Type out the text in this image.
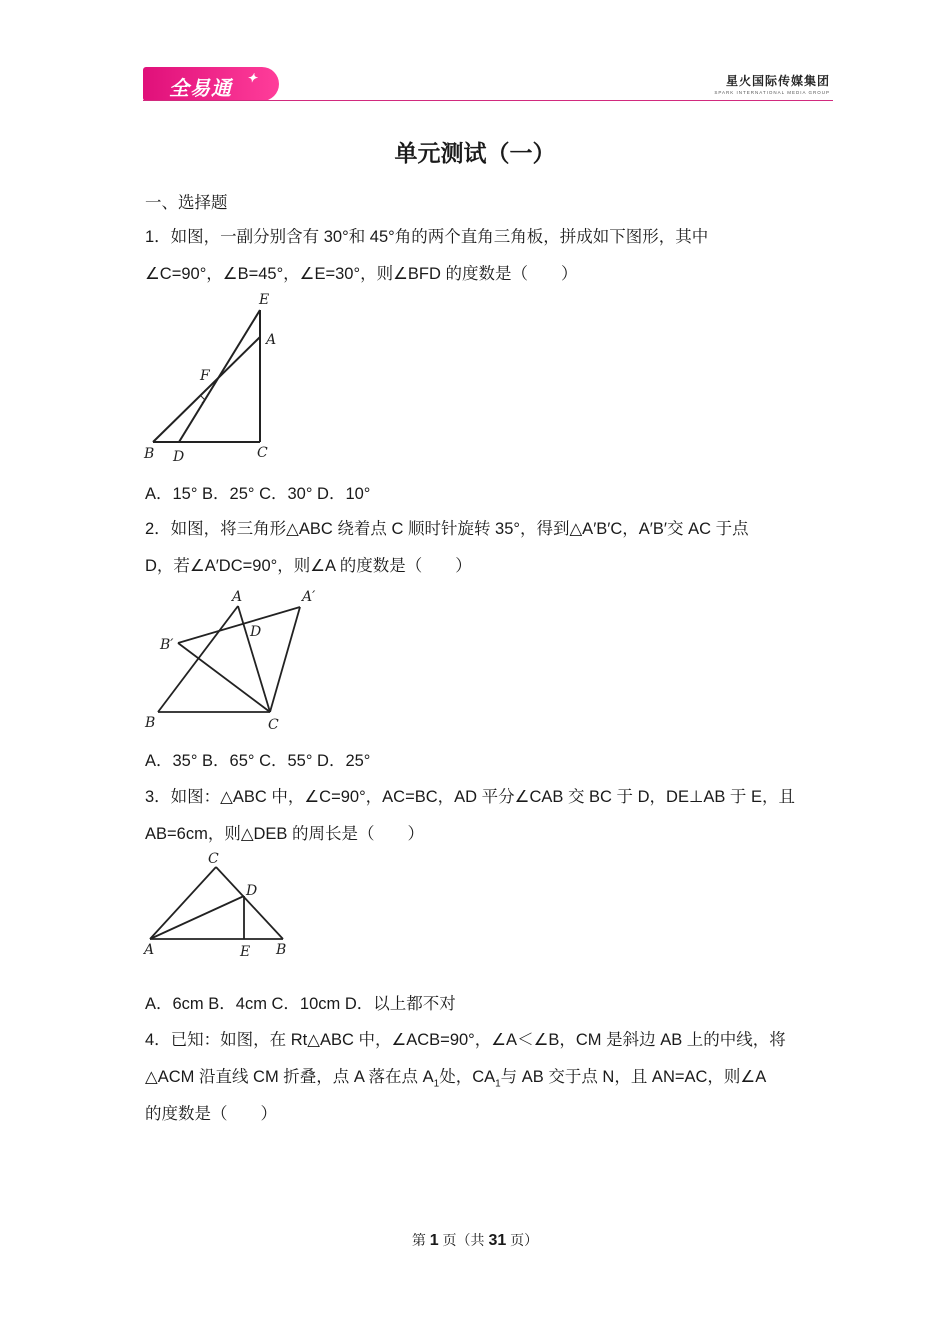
全易通 ✦	星火国际传媒集团
SPARK INTERNATIONAL MEDIA GROUP
单元测试（一）
一、选择题
1．如图，一副分别含有 30°和 45°角的两个直角三角板，拼成如下图形，其中
∠C=90°，∠B=45°，∠E=30°，则∠BFD 的度数是（　　）
E
A
F
B D	C
A．15° B．25° C．30° D．10°
2．如图，将三角形△ABC 绕着点 C 顺时针旋转 35°，得到△A′B′C，A′B′交 AC 于点
D，若∠A′DC=90°，则∠A 的度数是（　　）
A	A′
B′
D
B	C
A．35° B．65° C．55° D．25°
3．如图：△ABC 中，∠C=90°，AC=BC，AD 平分∠CAB 交 BC 于 D，DE⊥AB 于 E，且
AB=6cm，则△DEB 的周长是（　　）
C
D
A	E B
A．6cm B．4cm C．10cm D．以上都不对
4．已知：如图，在 Rt△ABC 中，∠ACB=90°，∠A＜∠B，CM 是斜边 AB 上的中线，将
△ACM 沿直线 CM 折叠，点 A 落在点 $A_1$处，$CA_1$与 AB 交于点 N，且 AN=AC，则∠A
的度数是（　　）
第 1 页（共 31 页）
